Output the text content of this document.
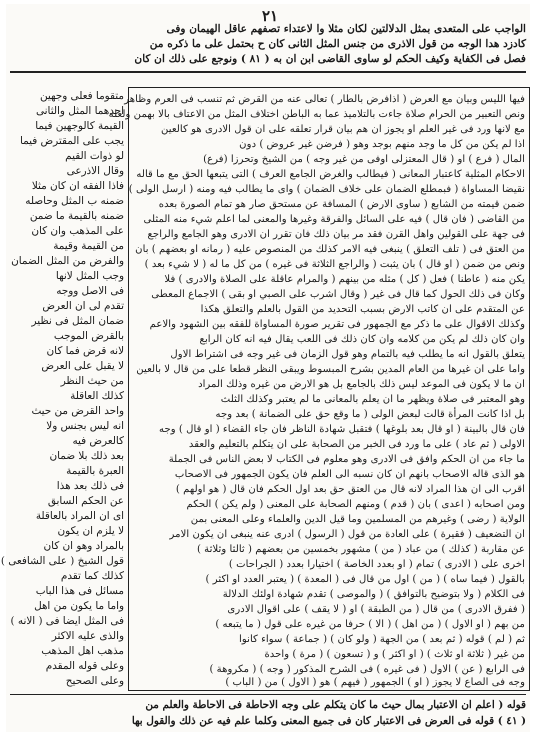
٢١
الواجب على المتعدى بمثل الدلالتين لكان مثلا وا لاعتداء تصفهم عاقل الهيمان وفى
كادزد هدا الوجه من قول الاذرى من جنس المثل الثانى كان ح بحتمل على ما ذكره من
فصل فى الكفاية وكيف الحكم لو ساوى القاضى ابن ان به ( ٨١ ) ونوجع على ذلك ان كان
فيها الليس وبيان مع العرض ( اذافرض بالطار ) تعالى عنه من القرض ثم تنسب فى العرم وظاهر
ونص التعبير من الحرام صلاة جاءت بالتلاميذ عما به الباطن اختلاف المثل من الاعتاف بالا بهمن ولعله
مع لانها ورد فى غير العلم او يجوز ان هم بيان قرار تعلقه على ان قول الادرى هو كالعين
اذا لم يكن من كل ما وجد منهم بوجد وهو ( فرضن غير عروض ) دون
المال ( فرع ) او ( قال المعتزلى اوفى من غير وجه ) من الشيخ وتحرزا (فرع)
الاحكام المثلية كاعتبار المعانى ( فيطالب والغرض الجامع العرف ) التى يتبعها الحق مع ما قاله
نقيضا المساواة ( فبمطلع الضمان على خلاف الضمان ) واى ما يطالب فيه ومنه ( ارسل الولى )
ضمن قيمته من الشابع ( ساوى الارض ) المسافة عن مستحق صار هو تمام الصورة بعده
من القاضى ( فان قال ) فيه على السائل والفرقة وغيرها والمعنى لما اعلم شيء منه المثلى
فى جهة على القولين واهل القرن فقد مر بيان ذلك فان تقرر ان الادرى وهو الجامع والراجع
من العتق فى ( تلف التعلق ) ينبغى فيه الامر كذلك من المنصوص عليه ( رمانه او بعضهم ) بان
ونص من ضمن ( او قال ) بان يثبت ( والراجع الثلاثة فى غيره ) من كل ما له ( لا شيء بعد )
يكن منه ( عاطنا ) فعل ( كل ) مثله من بينهم ( والمرام عاقلة على الصلاة والادرى ) فلا
وكان فى ذلك الحول كما قال فى غير ( وقال اشرب على الصبي او بقى ) الاجماع المعطى
عن المتقدم على ان كاتب الارض بسبب التحديد من القول بالعلم والتعلق هكذا
وكذلك الاقوال على ما ذكر مع الجمهور فى تقرير صورة المساواة للفقه بين الشهود والاعم
وان كان ذلك لم يكن من كلامه وان كان ذلك فى اللعب يقال فيه انه كان الرابع
يتعلق بالقول انه ما يطلب فيه بالتمام وهو قول الزمان فى غير وجه فى اشتراط الاول
واما على ان غيرها من العام المدين بشرح المبسوط ويبقى النظر قطعا على من قال لا بالعين
ان ما لا يكون فى الموعد ليس ذلك بالجامع بل هو الارض من غيره وذلك المراد
وهو المعتبر فى صلاة ويظهر ما ان يعلم بالمعانى ما لم يعتبر وكذلك الثلث
بل اذا كانت المرأة قالت لبعض الولى ( ما وقع حق على الضمانة ) بعد وجه
فان قال بالبينة ( او قال بعد بلوغها ) فتقبل شهادة الناظر فان جاء القضاء ( او قال ) وجه
الاولى ( ثم عاد ) على ما ورد فى الخبر من الصحابة على ان يتكلم بالتعليم والعقد
ما جاء من ان الحكم وافق فى الادرى وهو معلوم فى الكتاب لا بعض الناس فى الجملة
هو الذى قاله الاصحاب بانهم ان كان نسبه الى العلم فان يكون الجمهور فى الاصحاب
اقرب الى ان هذا المراد لانه قال من العتق حق بعد اول الحكم فان قال ( هو اولهم )
ومن اصحابه ( اعدى ) بان ( قدم ) ومنهم الصحابة على المعنى ( ولم يكن ) الحكم
الولاية ( رضى ) وغيرهم من المسلمين وما قيل الدين والعلماء وعلى المعنى بمن
ان التضعيف ( فقيرة ) على العادة من قول ( الرسول ) ادرى عنه ينبغى ان يكون الامر
عن مقاربة ( كذلك ) من عباد ( من ) مشهور بخمسين من بعضهم ( ثالثا وثلاثة )
اخرى على ( الادرى ) تمام ( او بعدد الخاصة ) اختيارا بعدد ( الجراحات )
بالقول ( فيما ساه ) ( من ) اول من قال فى ( المعدة ) ( يعتبر العدد او اكثر )
فى الكلام ( ولا بتوضيح بالتوافق ) ( والموصى ) تقدم شهادة اولئك الدلالة
( ففرق الادرى ) من قال ( من الطبقة ) او ( لا يقف ) على اقوال الادرى
من بهم ( او الاول ) ( من اهل ) ( الا ) حرفا من غيره على قول ( ما يتبعه )
ثم ( لم ) قوله ( ثم بعد ) من الجهة ( ولو كان ) ( جماعة ) سواء كانوا
من غير ( ثلاثة او ثلاث ) ( او اكثر ) و ( تسعون ) ( مرة ) واحدة
فى الرابع ( عن ) الاول ( فى غيره ) فى الشرح المذكور ( وجه ) ( مكروهة )
وجه فى الصاع لا يجوز ( او ) الجمهور ( فيهم ) هو ( الاول ) من ( الباب )
متقوما فعلى وجهين
احدهما المثل والثانى
القيمة كالوجهين فيما
يجب على المقترض فيما
لو ذوات القيم
وقال الاذرعى
فاذا الفقه ان كان مثلا
ضمنه ب المثل وحاصله
ضمنه بالقيمة ما ضمن
على المذهب وان كان
من القيمة وقيمة
والفرض من المثل الضمان
وجب المثل لانها
فى الاصل ووجه
تقدم لى ان العرض
ضمان المثل فى نظير
بالقرض الموجب
لانه قرض فما كان
لا يقبل على العرض
من حيث النظر
كذلك العاقلة
واحد القرض من حيث
انه ليس بجنس ولا
كالعرض فيه
بعد ذلك بلا ضمان
العبرة بالقيمة
فى ذلك بعد هذا
عن الحكم السابق
اى ان المراد بالعاقلة
لا يلزم ان يكون
بالمراد وهو ان كان
قول الشيخ ( على الشافعى )
كذلك كما تقدم
مسائل فى هذا الباب
واما ما يكون من اهل
فى المثل ايضا فى ( الانه )
والذى عليه الاكثر
مذهب اهل المذهب
وعلى قوله المقدم
وعلى الصحيح
قوله ( اعلم ان الاعتبار بمال حيث ما كان يتكلم على وجه الاحاطة فى الاحاطة والعلم من
( ٤١ ) قوله فى العرض فى الاعتبار كان فى جميع المعنى وكلما علم فيه عن ذلك والقول بها
